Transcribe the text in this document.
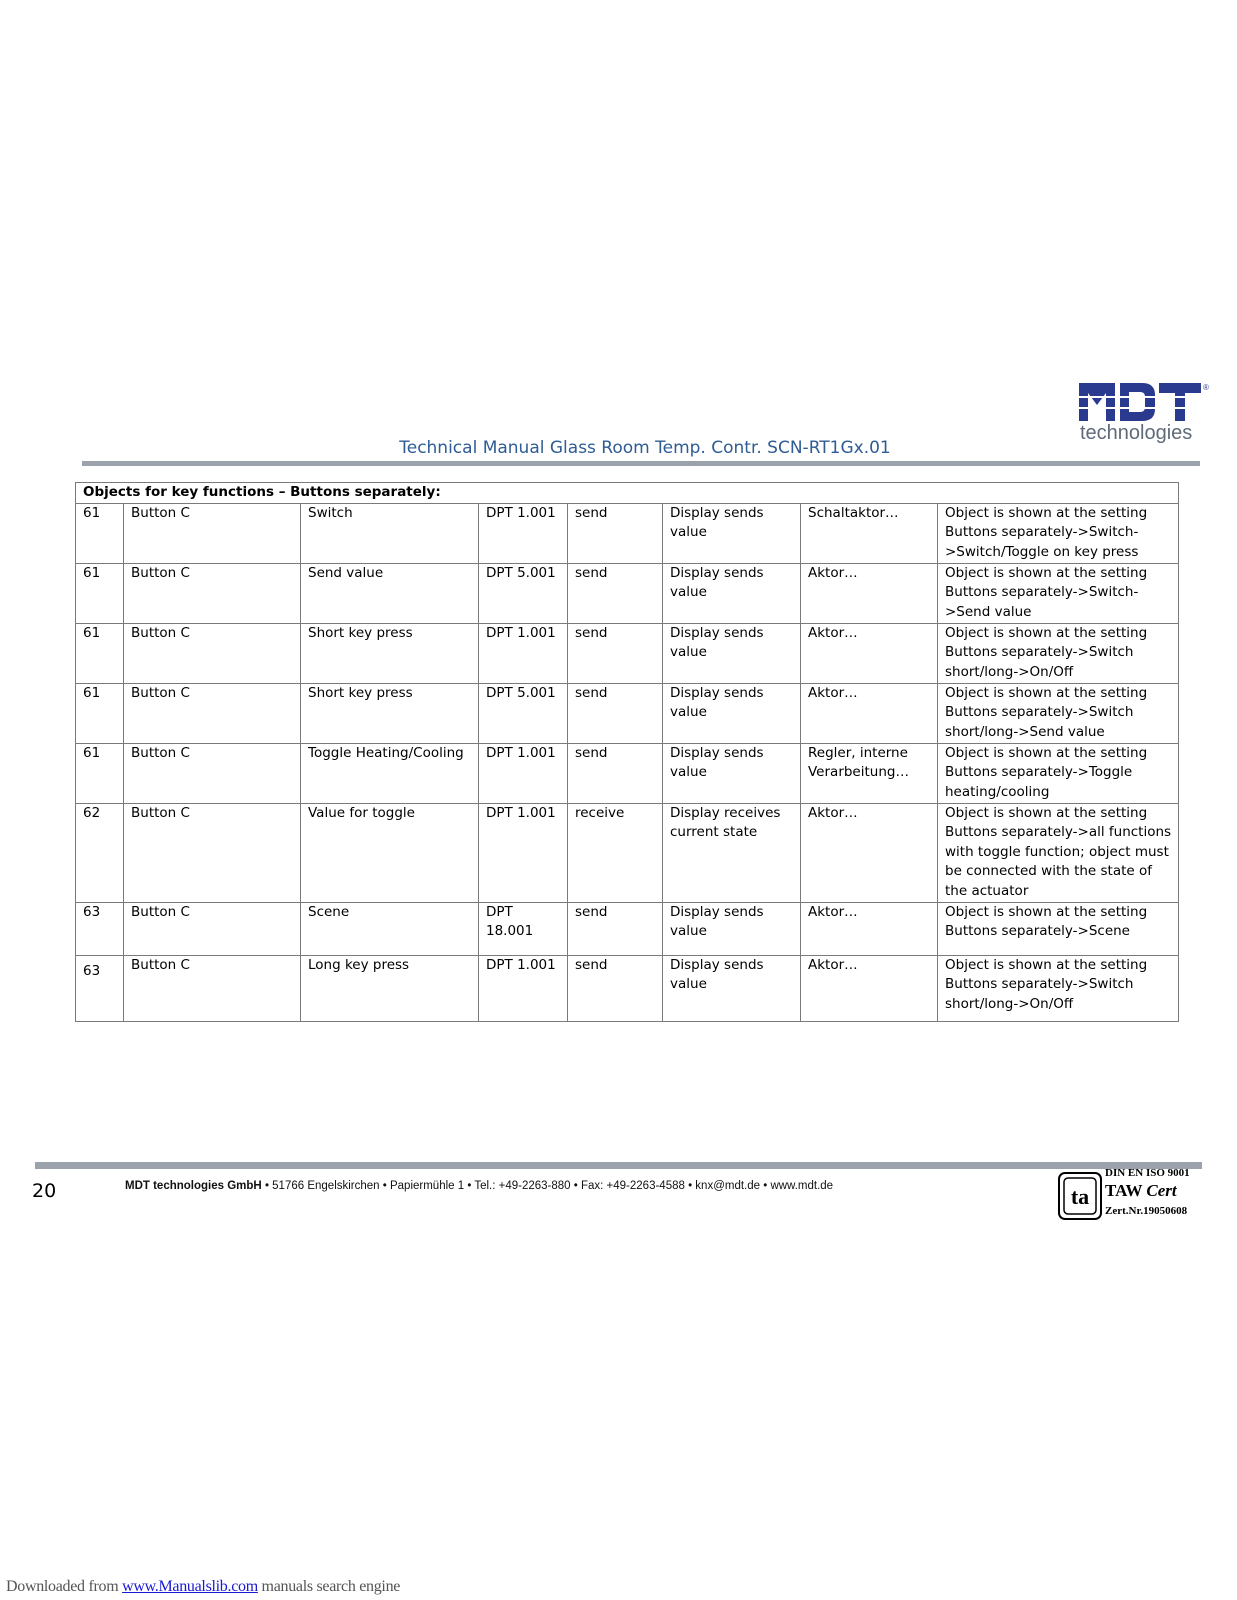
®
technologies
Technical Manual Glass Room Temp. Contr. SCN-RT1Gx.01
Objects for key functions – Buttons separately:							
61	Button C	Switch	DPT 1.001	send	Display sends value	Schaltaktor…	Object is shown at the setting Buttons separately->Switch->Switch/Toggle on key press
61	Button C	Send value	DPT 5.001	send	Display sends value	Aktor…	Object is shown at the setting Buttons separately->Switch->Send value
61	Button C	Short key press	DPT 1.001	send	Display sends value	Aktor…	Object is shown at the setting Buttons separately->Switch short/long->On/Off
61	Button C	Short key press	DPT 5.001	send	Display sends value	Aktor…	Object is shown at the setting Buttons separately->Switch short/long->Send value
61	Button C	Toggle Heating/Cooling	DPT 1.001	send	Display sends value	Regler, interne Verarbeitung…	Object is shown at the setting Buttons separately->Toggle heating/cooling
62	Button C	Value for toggle	DPT 1.001	receive	Display receives current state	Aktor…	Object is shown at the setting Buttons separately->all functions with toggle function; object must be connected with the state of the actuator
63	Button C	Scene	DPT 18.001	send	Display sends value	Aktor…	Object is shown at the setting Buttons separately->Scene
63	Button C	Long key press	DPT 1.001	send	Display sends value	Aktor…	Object is shown at the setting Buttons separately->Switch short/long->On/Off
20	MDT technologies GmbH • 51766 Engelskirchen • Papiermühle 1 • Tel.: +49-2263-880 • Fax: +49-2263-4588 • knx@mdt.de • www.mdt.de	ta
DIN EN ISO 9001
TAW Cert
Zert.Nr.19050608
Downloaded from www.Manualslib.com manuals search engine
